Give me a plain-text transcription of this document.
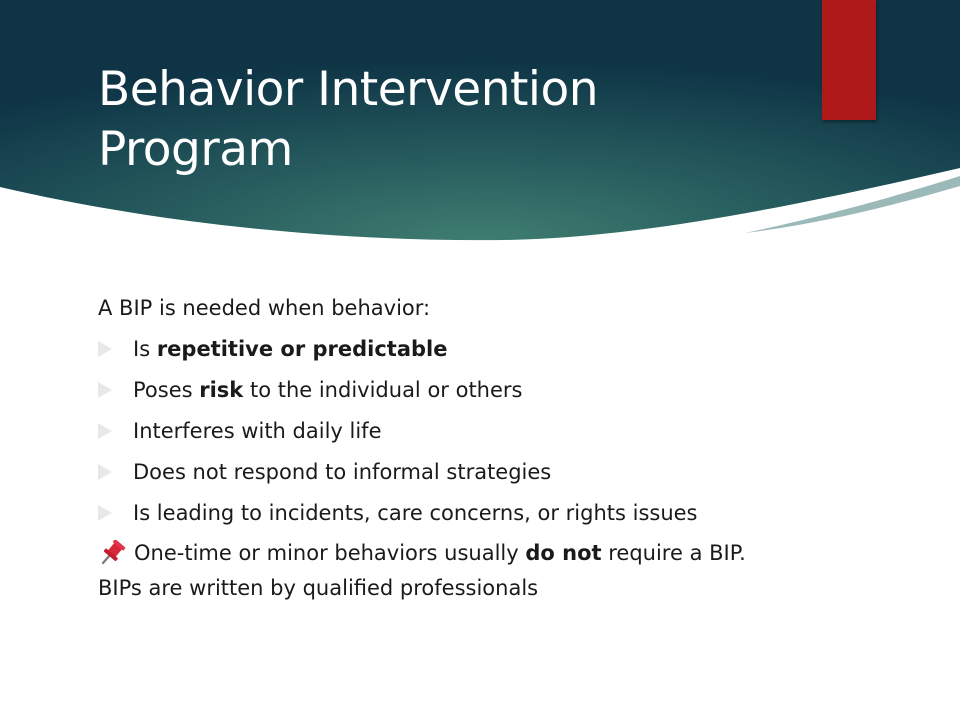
Behavior Intervention
Program

A BIP is needed when behavior:

Is repetitive or predictable
Poses risk to the individual or others
Interferes with daily life
Does not respond to informal strategies
Is leading to incidents, care concerns, or rights issues

One-time or minor behaviors usually do not require a BIP.

BIPs are written by qualified professionals
